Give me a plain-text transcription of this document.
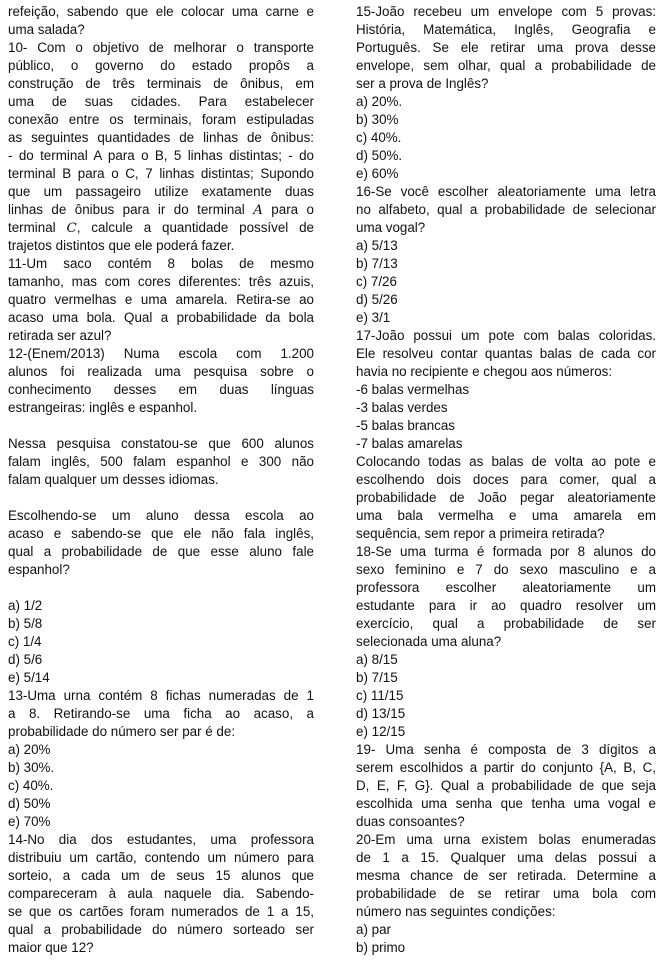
refeição, sabendo que ele colocar uma carne e
uma salada?
10- Com o objetivo de melhorar o transporte
público, o governo do estado propôs a
construção de três terminais de ônibus, em
uma de suas cidades. Para estabelecer
conexão entre os terminais, foram estipuladas
as seguintes quantidades de linhas de ônibus:
- do terminal A para o B, 5 linhas distintas; - do
terminal B para o C, 7 linhas distintas; Supondo
que um passageiro utilize exatamente duas
linhas de ônibus para ir do terminal A para o
terminal C, calcule a quantidade possível de
trajetos distintos que ele poderá fazer.
11-Um saco contém 8 bolas de mesmo
tamanho, mas com cores diferentes: três azuis,
quatro vermelhas e uma amarela. Retira-se ao
acaso uma bola. Qual a probabilidade da bola
retirada ser azul?
12-(Enem/2013) Numa escola com 1.200
alunos foi realizada uma pesquisa sobre o
conhecimento desses em duas línguas
estrangeiras: inglês e espanhol.
Nessa pesquisa constatou-se que 600 alunos
falam inglês, 500 falam espanhol e 300 não
falam qualquer um desses idiomas.
Escolhendo-se um aluno dessa escola ao
acaso e sabendo-se que ele não fala inglês,
qual a probabilidade de que esse aluno fale
espanhol?
a) 1/2
b) 5/8
c) 1/4
d) 5/6
e) 5/14
13-Uma urna contém 8 fichas numeradas de 1
a 8. Retirando-se uma ficha ao acaso, a
probabilidade do número ser par é de:
a) 20%
b) 30%.
c) 40%.
d) 50%
e) 70%
14-No dia dos estudantes, uma professora
distribuiu um cartão, contendo um número para
sorteio, a cada um de seus 15 alunos que
compareceram à aula naquele dia. Sabendo-
se que os cartões foram numerados de 1 a 15,
qual a probabilidade do número sorteado ser
maior que 12?
15-João recebeu um envelope com 5 provas:
História, Matemática, Inglês, Geografia e
Português. Se ele retirar uma prova desse
envelope, sem olhar, qual a probabilidade de
ser a prova de Inglês?
a) 20%.
b) 30%
c) 40%.
d) 50%.
e) 60%
16-Se você escolher aleatoriamente uma letra
no alfabeto, qual a probabilidade de selecionar
uma vogal?
a) 5/13
b) 7/13
c) 7/26
d) 5/26
e) 3/1
17-João possui um pote com balas coloridas.
Ele resolveu contar quantas balas de cada cor
havia no recipiente e chegou aos números:
-6 balas vermelhas
-3 balas verdes
-5 balas brancas
-7 balas amarelas
Colocando todas as balas de volta ao pote e
escolhendo dois doces para comer, qual a
probabilidade de João pegar aleatoriamente
uma bala vermelha e uma amarela em
sequência, sem repor a primeira retirada?
18-Se uma turma é formada por 8 alunos do
sexo feminino e 7 do sexo masculino e a
professora escolher aleatoriamente um
estudante para ir ao quadro resolver um
exercício, qual a probabilidade de ser
selecionada uma aluna?
a) 8/15
b) 7/15
c) 11/15
d) 13/15
e) 12/15
19- Uma senha é composta de 3 dígitos a
serem escolhidos a partir do conjunto {A, B, C,
D, E, F, G}. Qual a probabilidade de que seja
escolhida uma senha que tenha uma vogal e
duas consoantes?
20-Em uma urna existem bolas enumeradas
de 1 a 15. Qualquer uma delas possui a
mesma chance de ser retirada. Determine a
probabilidade de se retirar uma bola com
número nas seguintes condições:
a) par
b) primo
